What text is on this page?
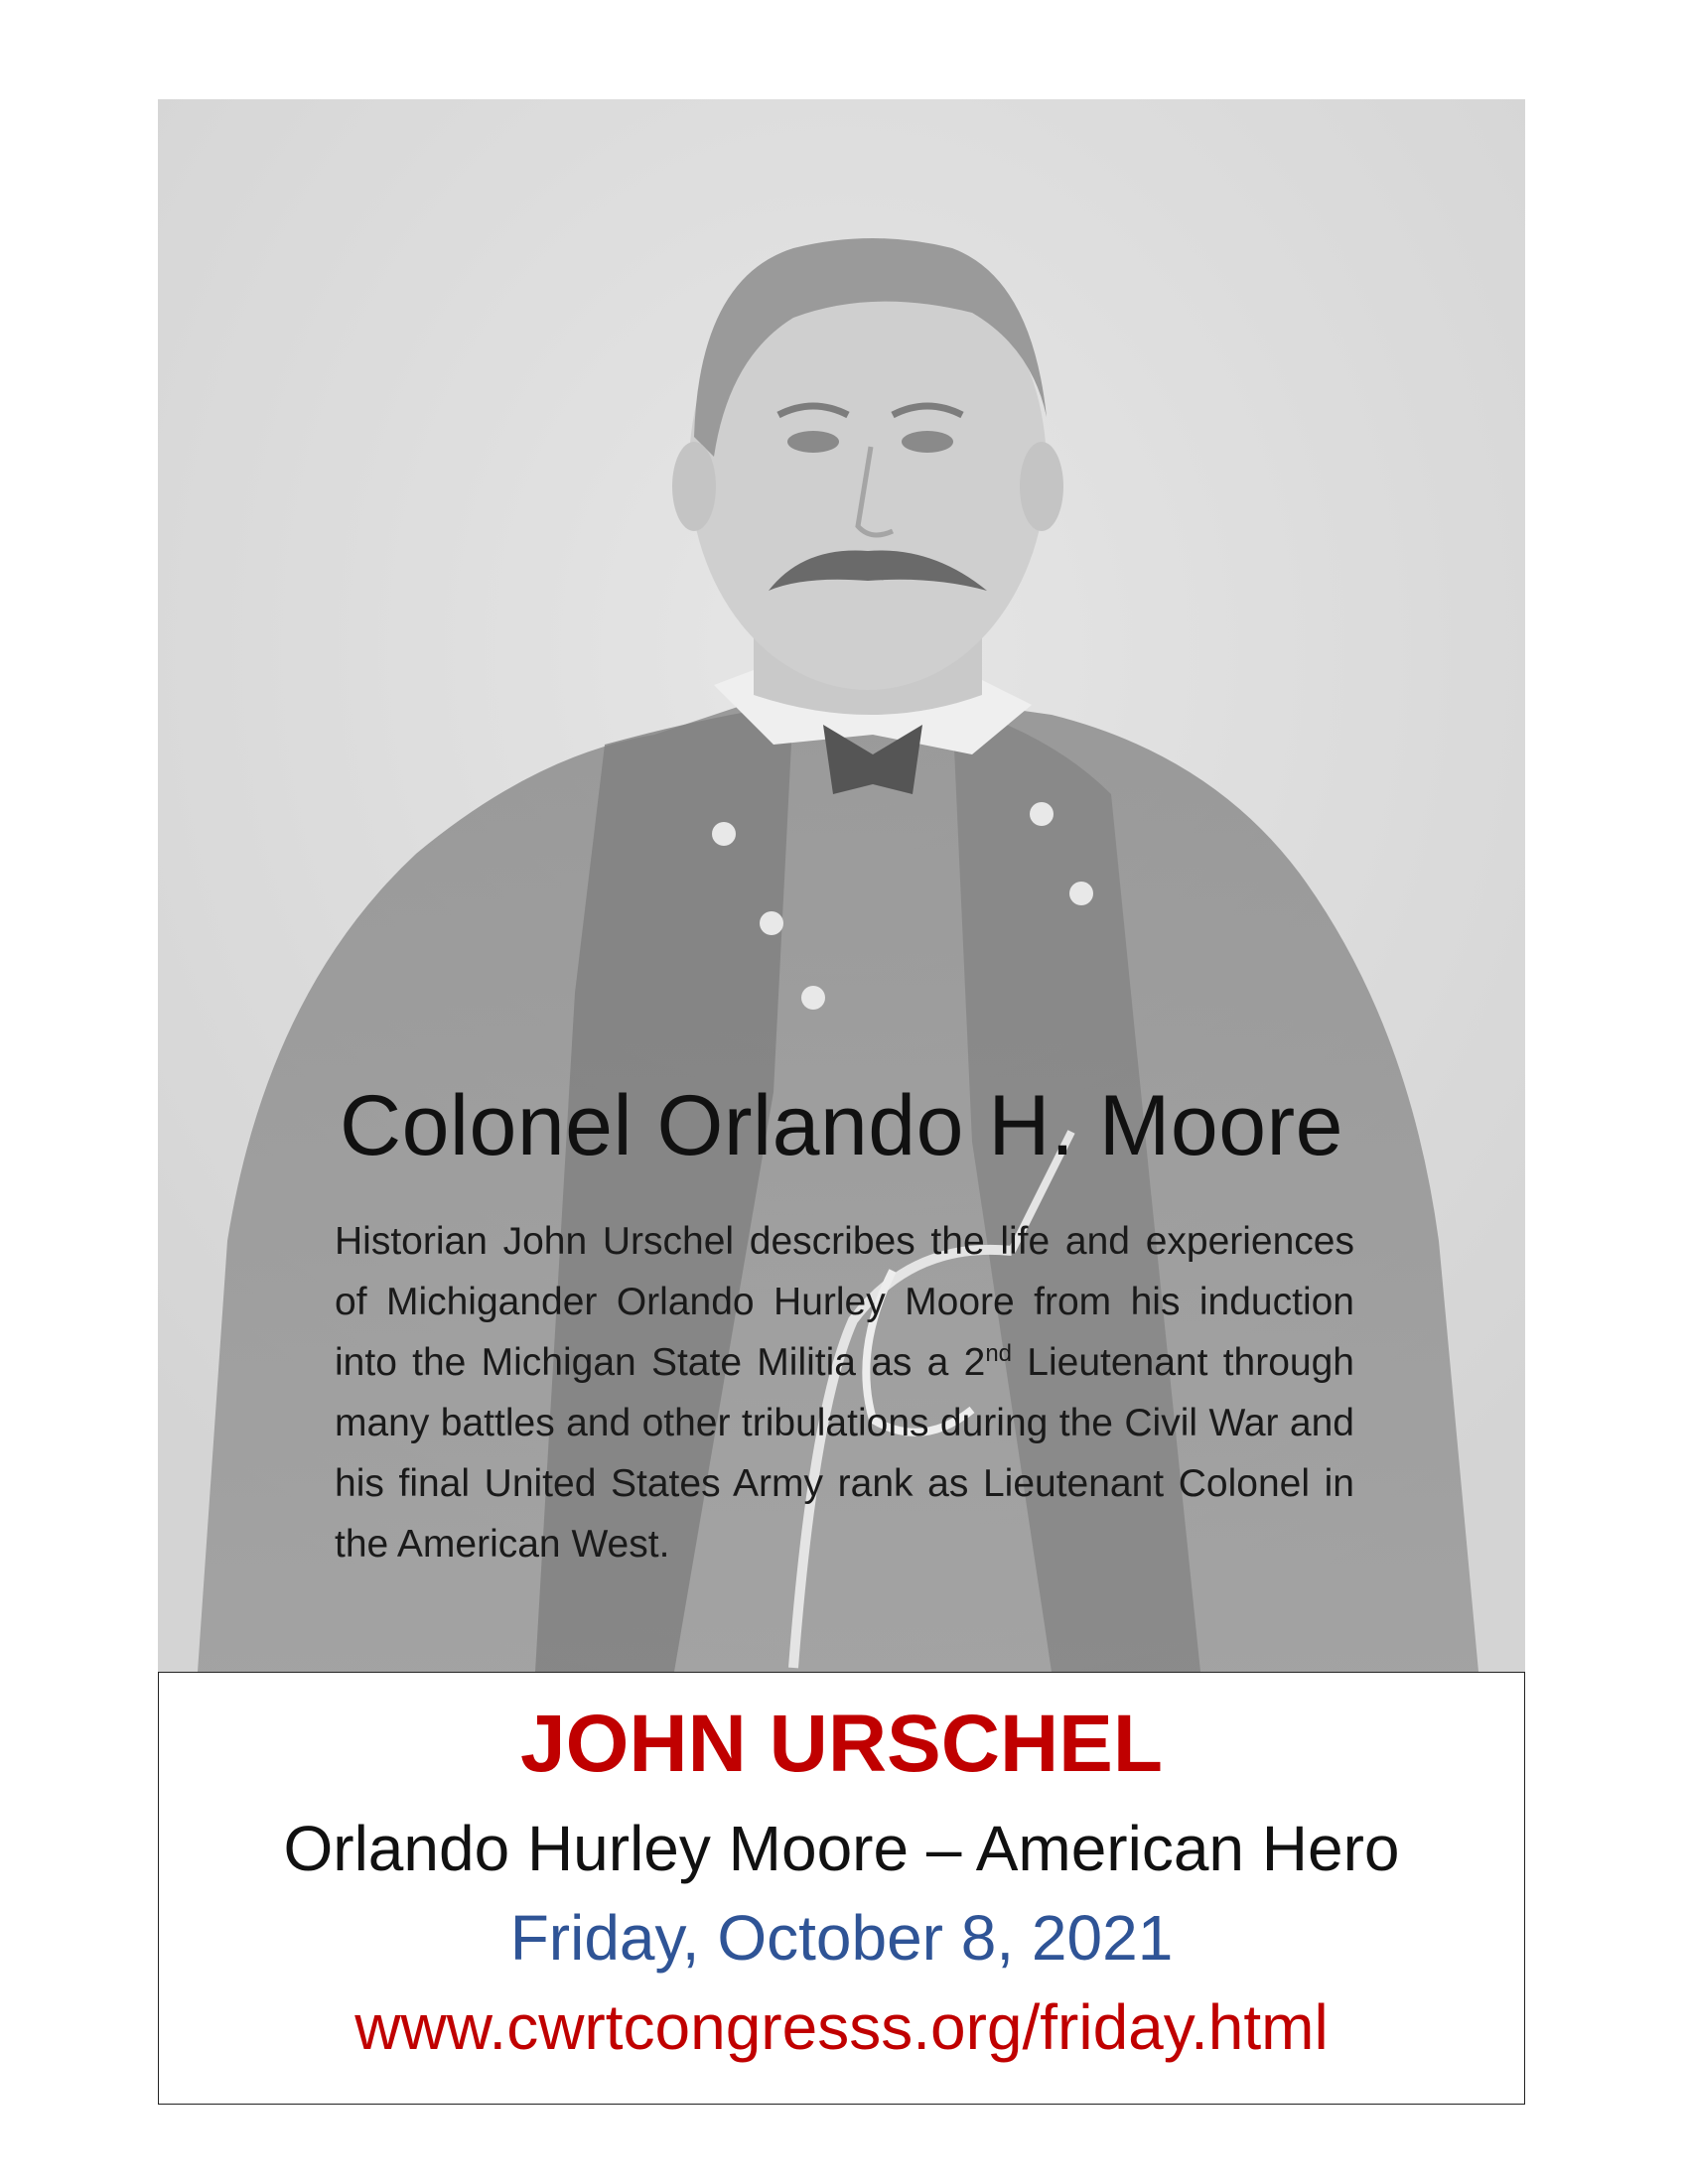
Colonel Orlando H. Moore

Historian John Urschel describes the life and experiences of Michigander Orlando Hurley Moore from his induction into the Michigan State Militia as a 2nd Lieutenant through many battles and other tribulations during the Civil War and his final United States Army rank as Lieutenant Colonel in the American West.

JOHN URSCHEL
Orlando Hurley Moore – American Hero
Friday, October 8, 2021
www.cwrtcongresss.org/friday.html
